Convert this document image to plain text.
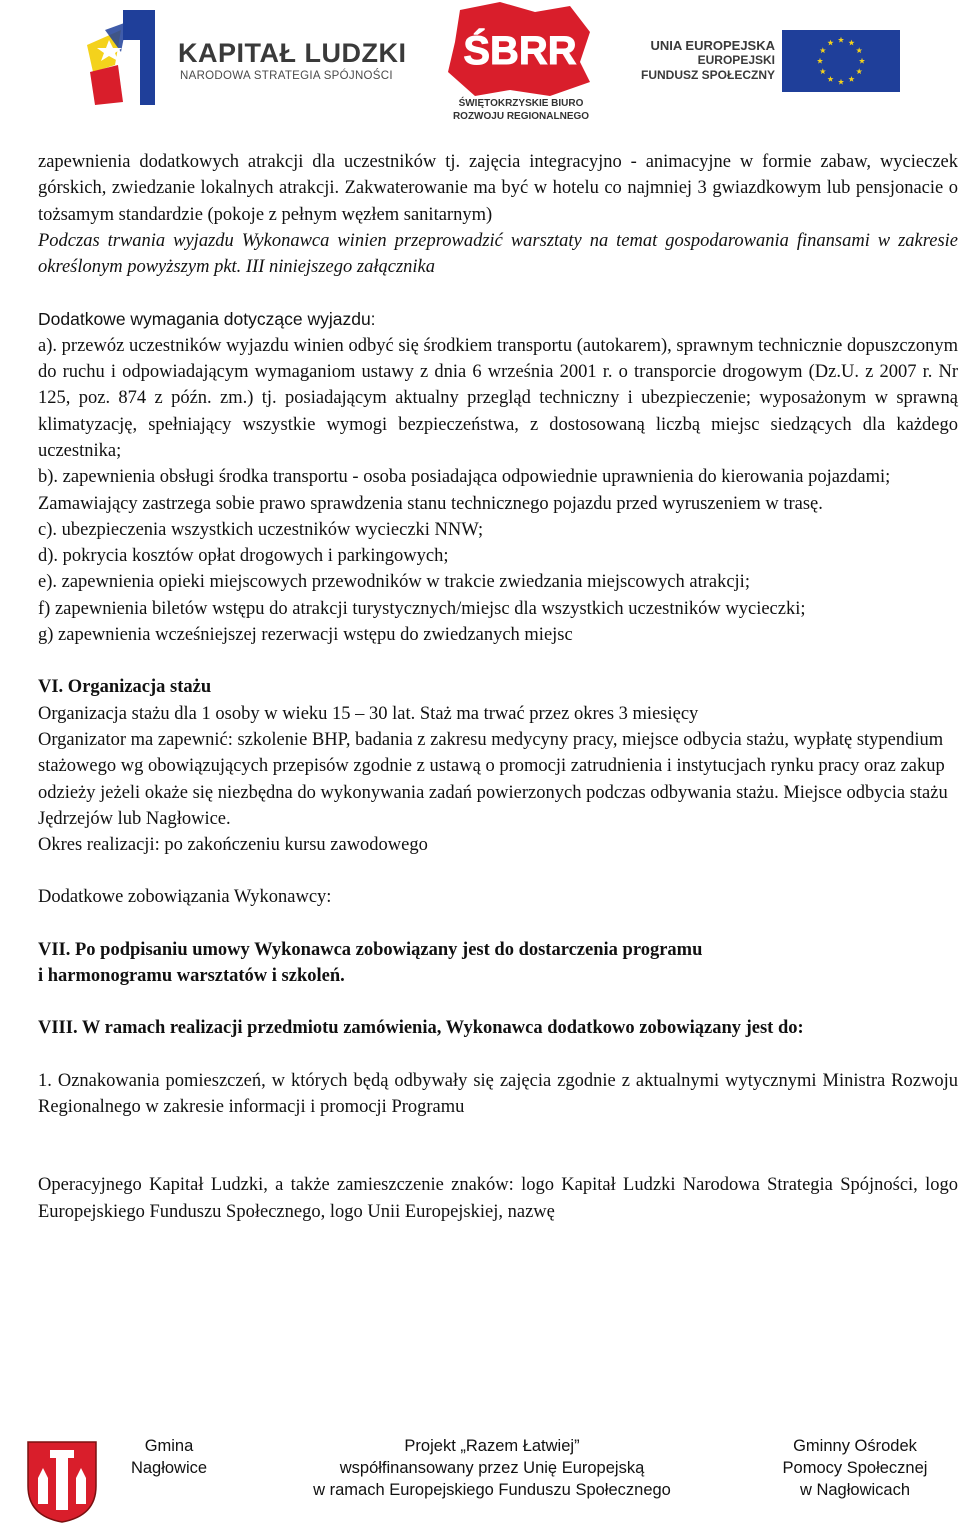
KAPITAŁ LUDZKI
NARODOWA STRATEGIA SPÓJNOŚCI
ŚBRR
ŚWIĘTOKRZYSKIE BIURO
ROZWOJU REGIONALNEGO
UNIA EUROPEJSKA
EUROPEJSKI
FUNDUSZ SPOŁECZNY

zapewnienia dodatkowych atrakcji dla uczestników tj. zajęcia integracyjno - animacyjne w formie zabaw, wycieczek górskich, zwiedzanie lokalnych atrakcji. Zakwaterowanie ma być w hotelu co najmniej 3 gwiazdkowym lub pensjonacie o tożsamym standardzie (pokoje z pełnym węzłem sanitarnym)

Podczas trwania wyjazdu Wykonawca winien przeprowadzić warsztaty na temat gospodarowania finansami w zakresie określonym powyższym pkt. III niniejszego załącznika

Dodatkowe wymagania dotyczące wyjazdu:

a). przewóz uczestników wyjazdu winien odbyć się środkiem transportu (autokarem), sprawnym technicznie dopuszczonym do ruchu i odpowiadającym wymaganiom ustawy z dnia 6 września 2001 r. o transporcie drogowym (Dz.U. z 2007 r. Nr 125, poz. 874 z późn. zm.) tj. posiadającym aktualny przegląd techniczny i ubezpieczenie; wyposażonym w sprawną klimatyzację, spełniający wszystkie wymogi bezpieczeństwa, z dostosowaną liczbą miejsc siedzących dla każdego uczestnika;

b). zapewnienia obsługi środka transportu - osoba posiadająca odpowiednie uprawnienia do kierowania pojazdami;

Zamawiający zastrzega sobie prawo sprawdzenia stanu technicznego pojazdu przed wyruszeniem w trasę.

c). ubezpieczenia wszystkich uczestników wycieczki NNW;

d). pokrycia kosztów opłat drogowych i parkingowych;

e). zapewnienia opieki miejscowych przewodników w trakcie zwiedzania miejscowych atrakcji;

f) zapewnienia biletów wstępu do atrakcji turystycznych/miejsc dla wszystkich uczestników wycieczki;

g) zapewnienia wcześniejszej rezerwacji wstępu do zwiedzanych miejsc

VI. Organizacja stażu

Organizacja stażu dla 1 osoby w wieku 15 – 30 lat. Staż ma trwać przez okres 3 miesięcy

Organizator ma zapewnić: szkolenie BHP, badania z zakresu medycyny pracy, miejsce odbycia stażu, wypłatę stypendium stażowego wg obowiązujących przepisów zgodnie z ustawą o promocji zatrudnienia i instytucjach rynku pracy oraz zakup odzieży jeżeli okaże się niezbędna do wykonywania zadań powierzonych podczas odbywania stażu. Miejsce odbycia stażu Jędrzejów lub Nagłowice.

Okres realizacji: po zakończeniu kursu zawodowego

Dodatkowe zobowiązania Wykonawcy:

VII. Po podpisaniu umowy Wykonawca zobowiązany jest do dostarczenia programu

i harmonogramu warsztatów i szkoleń.

VIII. W ramach realizacji przedmiotu zamówienia, Wykonawca dodatkowo zobowiązany jest do:

1. Oznakowania pomieszczeń, w których będą odbywały się zajęcia zgodnie z aktualnymi wytycznymi Ministra Rozwoju Regionalnego w zakresie informacji i promocji Programu

Operacyjnego Kapitał Ludzki, a także zamieszczenie znaków: logo Kapitał Ludzki Narodowa Strategia Spójności, logo Europejskiego Funduszu Społecznego, logo Unii Europejskiej, nazwę

Gmina
Nagłowice
Projekt „Razem Łatwiej”
współfinansowany przez Unię Europejską
w ramach Europejskiego Funduszu Społecznego
Gminny Ośrodek
Pomocy Społecznej
w Nagłowicach
